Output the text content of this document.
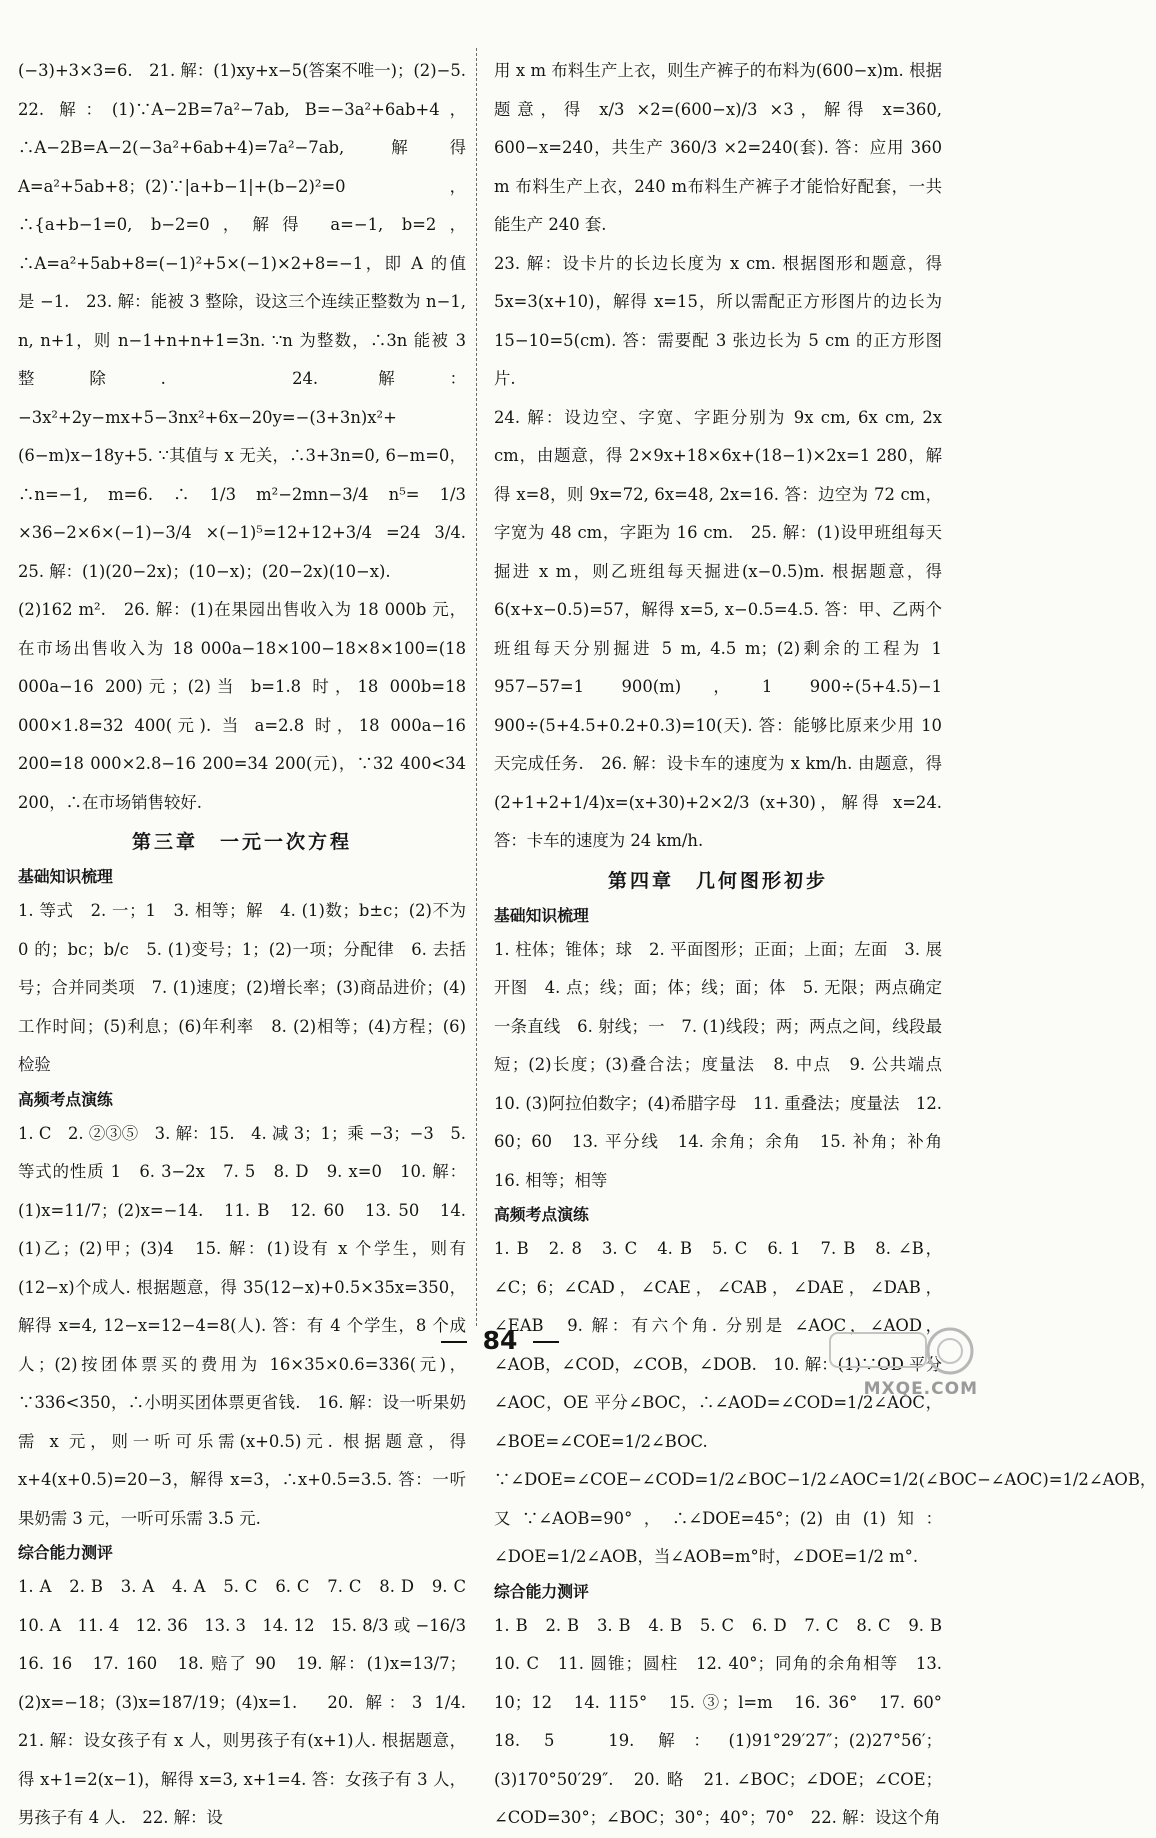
(−3)+3×3=6.　21. 解：(1)xy+x−5(答案不唯一)；(2)−5.　22. 解：(1)∵A−2B=7a²−7ab, B=−3a²+6ab+4，∴A−2B=A−2(−3a²+6ab+4)=7a²−7ab, 解得 A=a²+5ab+8；(2)∵|a+b−1|+(b−2)²=0，∴{a+b−1=0, b−2=0，解得 a=−1, b=2，∴A=a²+5ab+8=(−1)²+5×(−1)×2+8=−1，即 A 的值是 −1.　23. 解：能被 3 整除，设这三个连续正整数为 n−1, n, n+1，则 n−1+n+n+1=3n. ∵n 为整数，∴3n 能被 3 整除.　24. 解：−3x²+2y−mx+5−3nx²+6x−20y=−(3+3n)x²+(6−m)x−18y+5. ∵其值与 x 无关，∴3+3n=0, 6−m=0，∴n=−1, m=6. ∴ 1/3 m²−2mn−3/4 n⁵= 1/3 ×36−2×6×(−1)−3/4 ×(−1)⁵=12+12+3/4 =24 3/4.　25. 解：(1)(20−2x)；(10−x)；(20−2x)(10−x).

(2)162 m².　26. 解：(1)在果园出售收入为 18 000b 元，在市场出售收入为 18 000a−18×100−18×8×100=(18 000a−16 200)元；(2)当 b=1.8 时，18 000b=18 000×1.8=32 400(元). 当 a=2.8 时，18 000a−16 200=18 000×2.8−16 200=34 200(元)，∵32 400<34 200，∴在市场销售较好.

第三章　一元一次方程

基础知识梳理

1. 等式　2. 一；1　3. 相等；解　4. (1)数；b±c；(2)不为 0 的；bc；b/c　5. (1)变号；1；(2)一项；分配律　6. 去括号；合并同类项　7. (1)速度；(2)增长率；(3)商品进价；(4)工作时间；(5)利息；(6)年利率　8. (2)相等；(4)方程；(6)检验

高频考点演练

1. C　2. ②③⑤　3. 解：15.　4. 减 3；1；乘 −3；−3　5. 等式的性质 1　6. 3−2x　7. 5　8. D　9. x=0　10. 解：(1)x=11/7；(2)x=−14.　11. B　12. 60　13. 50　14. (1)乙；(2)甲；(3)4　15. 解：(1)设有 x 个学生，则有(12−x)个成人. 根据题意，得 35(12−x)+0.5×35x=350，解得 x=4, 12−x=12−4=8(人). 答：有 4 个学生，8 个成人；(2)按团体票买的费用为 16×35×0.6=336(元)，∵336<350，∴小明买团体票更省钱.　16. 解：设一听果奶需 x 元，则一听可乐需(x+0.5)元. 根据题意，得 x+4(x+0.5)=20−3，解得 x=3，∴x+0.5=3.5. 答：一听果奶需 3 元，一听可乐需 3.5 元.

综合能力测评

1. A　2. B　3. A　4. A　5. C　6. C　7. C　8. D　9. C　10. A　11. 4　12. 36　13. 3　14. 12　15. 8/3 或 −16/3　16. 16　17. 160　18. 赔了 90　19. 解：(1)x=13/7；(2)x=−18；(3)x=187/19；(4)x=1.　20. 解：3 1/4.　21. 解：设女孩子有 x 人，则男孩子有(x+1)人. 根据题意，得 x+1=2(x−1)，解得 x=3, x+1=4. 答：女孩子有 3 人，男孩子有 4 人.　22. 解：设

用 x m 布料生产上衣，则生产裤子的布料为(600−x)m. 根据题意，得 x/3 ×2=(600−x)/3 ×3，解得 x=360, 600−x=240，共生产 360/3 ×2=240(套). 答：应用 360 m 布料生产上衣，240 m布料生产裤子才能恰好配套，一共能生产 240 套.

23. 解：设卡片的长边长度为 x cm. 根据图形和题意，得 5x=3(x+10)，解得 x=15，所以需配正方形图片的边长为 15−10=5(cm). 答：需要配 3 张边长为 5 cm 的正方形图片.

24. 解：设边空、字宽、字距分别为 9x cm, 6x cm, 2x cm，由题意，得 2×9x+18×6x+(18−1)×2x=1 280，解得 x=8，则 9x=72, 6x=48, 2x=16. 答：边空为 72 cm，字宽为 48 cm，字距为 16 cm.　25. 解：(1)设甲班组每天掘进 x m，则乙班组每天掘进(x−0.5)m. 根据题意，得 6(x+x−0.5)=57，解得 x=5, x−0.5=4.5. 答：甲、乙两个班组每天分别掘进 5 m, 4.5 m；(2)剩余的工程为 1 957−57=1 900(m)，1 900÷(5+4.5)−1 900÷(5+4.5+0.2+0.3)=10(天). 答：能够比原来少用 10 天完成任务.　26. 解：设卡车的速度为 x km/h. 由题意，得(2+1+2+1/4)x=(x+30)+2×2/3 (x+30)，解得 x=24. 答：卡车的速度为 24 km/h.

第四章　几何图形初步

基础知识梳理

1. 柱体；锥体；球　2. 平面图形；正面；上面；左面　3. 展开图　4. 点；线；面；体；线；面；体　5. 无限；两点确定一条直线　6. 射线；一　7. (1)线段；两；两点之间，线段最短；(2)长度；(3)叠合法；度量法　8. 中点　9. 公共端点　10. (3)阿拉伯数字；(4)希腊字母　11. 重叠法；度量法　12. 60；60　13. 平分线　14. 余角；余角　15. 补角；补角　16. 相等；相等

高频考点演练

1. B　2. 8　3. C　4. B　5. C　6. 1　7. B　8. ∠B，∠C；6；∠CAD，∠CAE，∠CAB，∠DAE，∠DAB，∠EAB　9. 解：有六个角. 分别是 ∠AOC，∠AOD，∠AOB，∠COD，∠COB，∠DOB.　10. 解：(1)∵OD 平分∠AOC，OE 平分∠BOC，∴∠AOD=∠COD=1/2∠AOC，∠BOE=∠COE=1/2∠BOC. ∵∠DOE=∠COE−∠COD=1/2∠BOC−1/2∠AOC=1/2(∠BOC−∠AOC)=1/2∠AOB，又∵∠AOB=90°，∴∠DOE=45°；(2)由(1)知：∠DOE=1/2∠AOB，当∠AOB=m°时，∠DOE=1/2 m°.

综合能力测评

1. B　2. B　3. B　4. B　5. C　6. D　7. C　8. C　9. B　10. C　11. 圆锥；圆柱　12. 40°；同角的余角相等　13. 10；12　14. 115°　15. ③；l=m　16. 36°　17. 60°　18. 5　19. 解：(1)91°29′27″；(2)27°56′；(3)170°50′29″.　20. 略　21. ∠BOC；∠DOE；∠COE；∠COD=30°；∠BOC；30°；40°；70°　22. 解：设这个角

84
MXQE.COM
